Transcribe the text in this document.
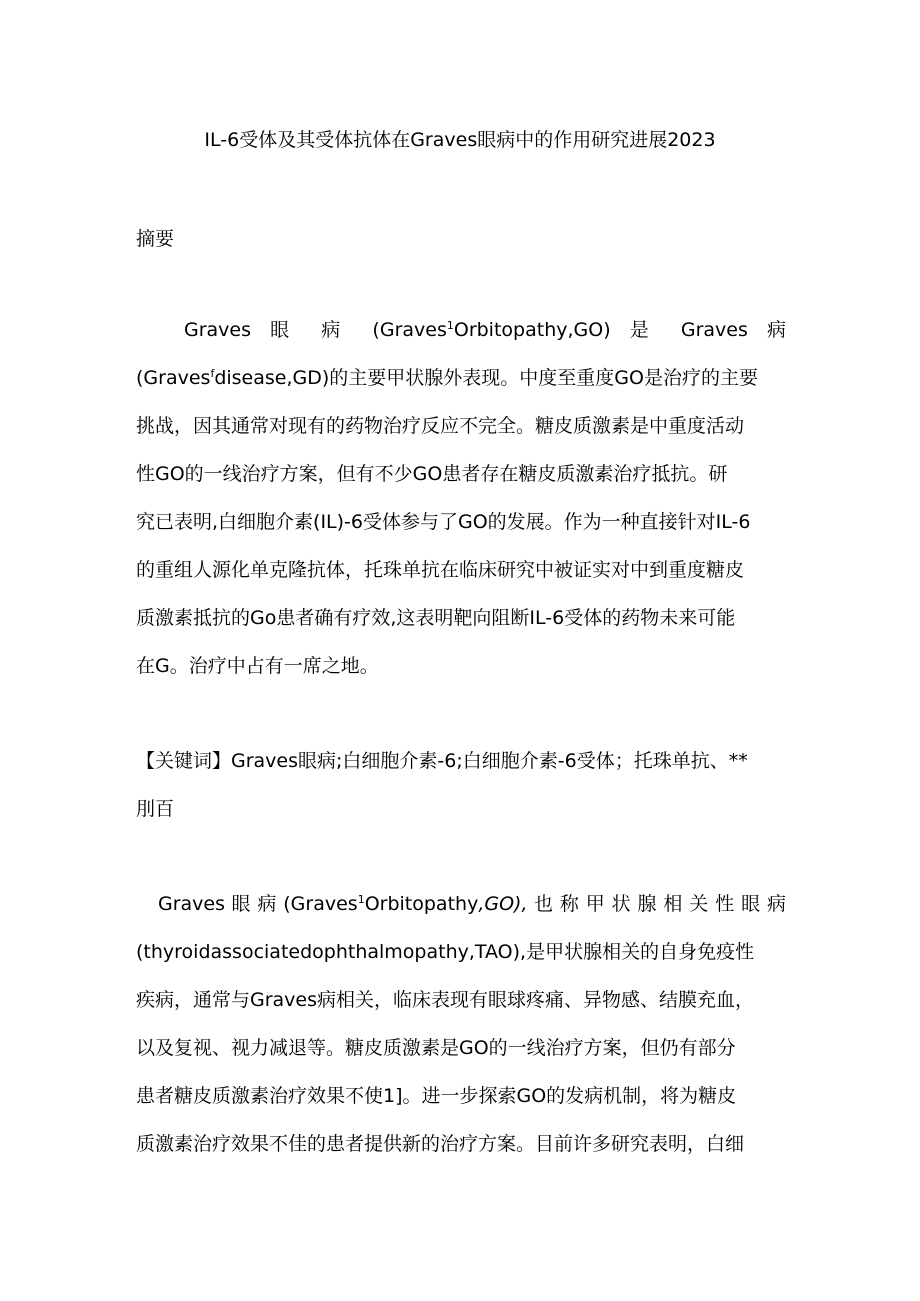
IL-6受体及其受体抗体在Graves眼病中的作用研究进展2023
摘要
Graves 眼 病 (Graves$^1$Orbitopathy,GO) 是 Graves 病
(Graves$^f$disease,GD)的主要甲状腺外表现。中度至重度GO是治疗的主要
挑战，因其通常对现有的药物治疗反应不完全。糖皮质激素是中重度活动
性GO的一线治疗方案，但有不少GO患者存在糖皮质激素治疗抵抗。研
究已表明,白细胞介素(IL)-6受体参与了GO的发展。作为一种直接针对IL-6
的重组人源化单克隆抗体，托珠单抗在临床研究中被证实对中到重度糖皮
质激素抵抗的Go患者确有疗效,这表明靶向阻断IL-6受体的药物未来可能
在G。治疗中占有一席之地。
【关键词】Graves眼病;白细胞介素-6;白细胞介素-6受体；托珠单抗、**
刖百
Graves 眼 病 (Graves$^1$Orbitopathy,GO), 也 称 甲 状 腺 相 关 性 眼 病
(thyroidassociatedophthalmopathy,TAO),是甲状腺相关的自身免疫性
疾病，通常与Graves病相关，临床表现有眼球疼痛、异物感、结膜充血，
以及复视、视力减退等。糖皮质激素是GO的一线治疗方案，但仍有部分
患者糖皮质激素治疗效果不使1]。进一步探索GO的发病机制，将为糖皮
质激素治疗效果不佳的患者提供新的治疗方案。目前许多研究表明，白细
